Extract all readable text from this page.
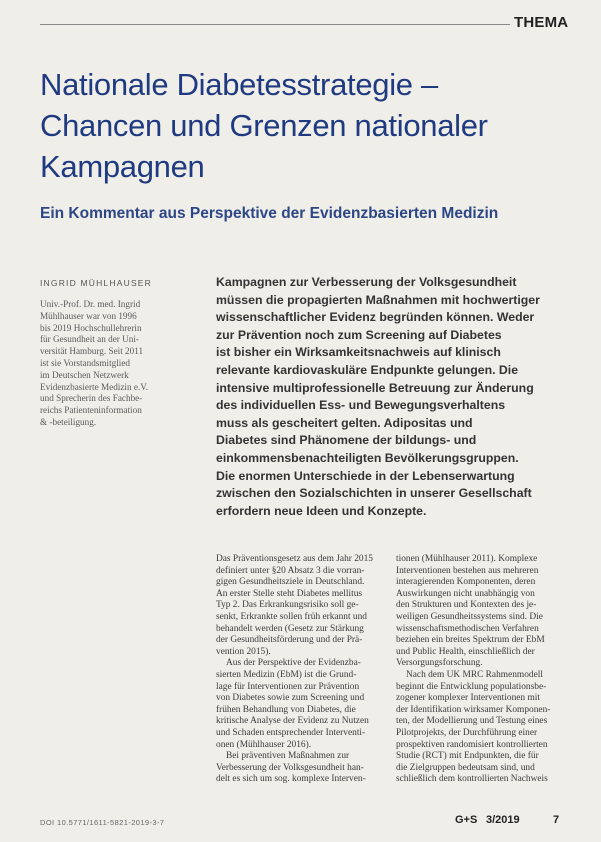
THEMA
Nationale Diabetesstrategie –
Chancen und Grenzen nationaler
Kampagnen
Ein Kommentar aus Perspektive der Evidenzbasierten Medizin
INGRID MÜHLHAUSER
Univ.-Prof. Dr. med. Ingrid
Mühlhauser war von 1996
bis 2019 Hochschullehrerin
für Gesundheit an der Uni-
versität Hamburg. Seit 2011
ist sie Vorstandsmitglied
im Deutschen Netzwerk
Evidenzbasierte Medizin e.V.
und Sprecherin des Fachbe-
reichs Patienteninformation
& -beteiligung.
Kampagnen zur Verbesserung der Volksgesundheit
müssen die propagierten Maßnahmen mit hochwertiger
wissenschaftlicher Evidenz begründen können. Weder
zur Prävention noch zum Screening auf Diabetes
ist bisher ein Wirksamkeitsnachweis auf klinisch
relevante kardiovaskuläre Endpunkte gelungen. Die
intensive multiprofessionelle Betreuung zur Änderung
des individuellen Ess- und Bewegungsverhaltens
muss als gescheitert gelten. Adipositas und
Diabetes sind Phänomene der bildungs- und
einkommensbenachteiligten Bevölkerungsgruppen.
Die enormen Unterschiede in der Lebenserwartung
zwischen den Sozialschichten in unserer Gesellschaft
erfordern neue Ideen und Konzepte.
Das Präventionsgesetz aus dem Jahr 2015
definiert unter §20 Absatz 3 die vorran-
gigen Gesundheitsziele in Deutschland.
An erster Stelle steht Diabetes mellitus
Typ 2. Das Erkrankungsrisiko soll ge-
senkt, Erkrankte sollen früh erkannt und
behandelt werden (Gesetz zur Stärkung
der Gesundheitsförderung und der Prä-
vention 2015).
Aus der Perspektive der Evidenzba-
sierten Medizin (EbM) ist die Grund-
lage für Interventionen zur Prävention
von Diabetes sowie zum Screening und
frühen Behandlung von Diabetes, die
kritische Analyse der Evidenz zu Nutzen
und Schaden entsprechender Interventi-
onen (Mühlhauser 2016).
Bei präventiven Maßnahmen zur
Verbesserung der Volksgesundheit han-
delt es sich um sog. komplexe Interven-
tionen (Mühlhauser 2011). Komplexe
Interventionen bestehen aus mehreren
interagierenden Komponenten, deren
Auswirkungen nicht unabhängig von
den Strukturen und Kontexten des je-
weiligen Gesundheitssystems sind. Die
wissenschaftsmethodischen Verfahren
beziehen ein breites Spektrum der EbM
und Public Health, einschließlich der
Versorgungsforschung.
Nach dem UK MRC Rahmenmodell
beginnt die Entwicklung populationsbe-
zogener komplexer Interventionen mit
der Identifikation wirksamer Komponen-
ten, der Modellierung und Testung eines
Pilotprojekts, der Durchführung einer
prospektiven randomisiert kontrollierten
Studie (RCT) mit Endpunkten, die für
die Zielgruppen bedeutsam sind, und
schließlich dem kontrollierten Nachweis
DOI 10.5771/1611-5821-2019-3-7	G+S 3/2019	7
